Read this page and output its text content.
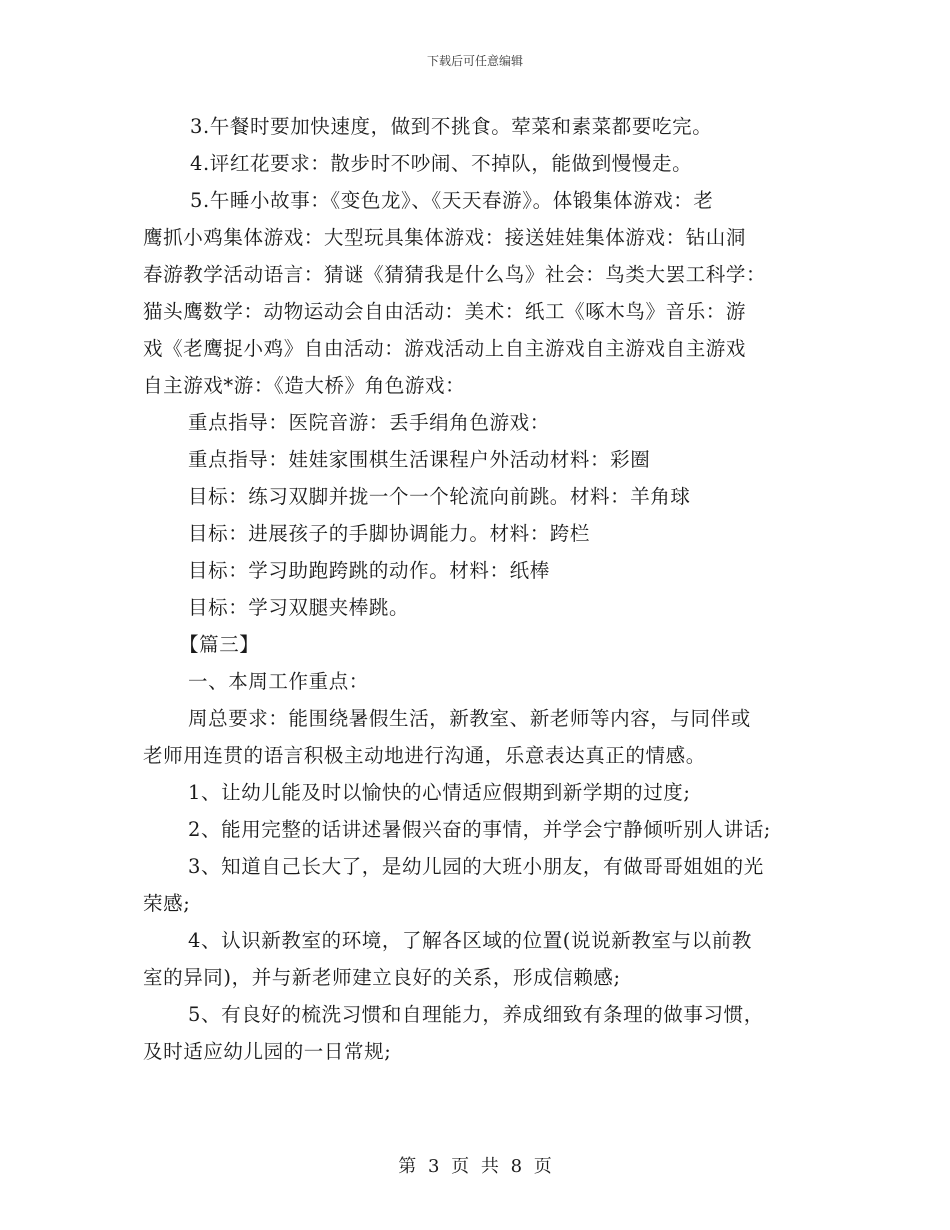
下载后可任意编辑
3.午餐时要加快速度，做到不挑食。荤菜和素菜都要吃完。
4.评红花要求：散步时不吵闹、不掉队，能做到慢慢走。
5.午睡小故事：《变色龙》、《天天春游》。体锻集体游戏：老
鹰抓小鸡集体游戏：大型玩具集体游戏：接送娃娃集体游戏：钻山洞
春游教学活动语言：猜谜《猜猜我是什么鸟》社会：鸟类大罢工科学：
猫头鹰数学：动物运动会自由活动：美术：纸工《啄木鸟》音乐：游
戏《老鹰捉小鸡》自由活动：游戏活动上自主游戏自主游戏自主游戏
自主游戏*游：《造大桥》角色游戏：
重点指导：医院音游：丢手绢角色游戏：
重点指导：娃娃家围棋生活课程户外活动材料：彩圈
目标：练习双脚并拢一个一个轮流向前跳。材料：羊角球
目标：进展孩子的手脚协调能力。材料：跨栏
目标：学习助跑跨跳的动作。材料：纸棒
目标：学习双腿夹棒跳。
【篇三】
一、本周工作重点：
周总要求：能围绕暑假生活，新教室、新老师等内容，与同伴或
老师用连贯的语言积极主动地进行沟通，乐意表达真正的情感。
1、让幼儿能及时以愉快的心情适应假期到新学期的过度;
2、能用完整的话讲述暑假兴奋的事情，并学会宁静倾听别人讲话;
3、知道自己长大了，是幼儿园的大班小朋友，有做哥哥姐姐的光
荣感;
4、认识新教室的环境，了解各区域的位置(说说新教室与以前教
室的异同)，并与新老师建立良好的关系，形成信赖感;
5、有良好的梳洗习惯和自理能力，养成细致有条理的做事习惯，
及时适应幼儿园的一日常规;
第 3 页 共 8 页
